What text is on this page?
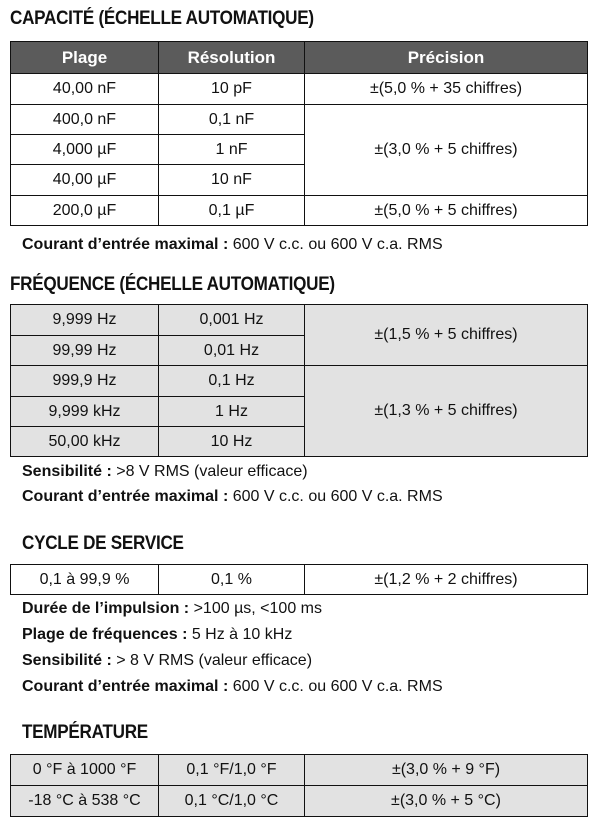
CAPACITÉ (ÉCHELLE AUTOMATIQUE)
Plage	Résolution	Précision
40,00 nF	10 pF	±(5,0 % + 35 chiffres)
400,0 nF	0,1 nF	±(3,0 % + 5 chiffres)
4,000 µF	1 nF	
40,00 µF	10 nF	
200,0 µF	0,1 µF	±(5,0 % + 5 chiffres)
Courant d’entrée maximal : 600 V c.c. ou 600 V c.a. RMS
FRÉQUENCE (ÉCHELLE AUTOMATIQUE)
9,999 Hz	0,001 Hz	±(1,5 % + 5 chiffres)
99,99 Hz	0,01 Hz	
999,9 Hz	0,1 Hz	±(1,3 % + 5 chiffres)
9,999 kHz	1 Hz	
50,00 kHz	10 Hz	
Sensibilité : >8 V RMS (valeur efficace)
Courant d’entrée maximal : 600 V c.c. ou 600 V c.a. RMS
CYCLE DE SERVICE
0,1 à 99,9 %	0,1 %	±(1,2 % + 2 chiffres)
Durée de l’impulsion : >100 µs, <100 ms
Plage de fréquences : 5 Hz à 10 kHz
Sensibilité : > 8 V RMS (valeur efficace)
Courant d’entrée maximal : 600 V c.c. ou 600 V c.a. RMS
TEMPÉRATURE
0 °F à 1000 °F	0,1 °F/1,0 °F	±(3,0 % + 9 °F)
-18 °C à 538 °C	0,1 °C/1,0 °C	±(3,0 % + 5 °C)
